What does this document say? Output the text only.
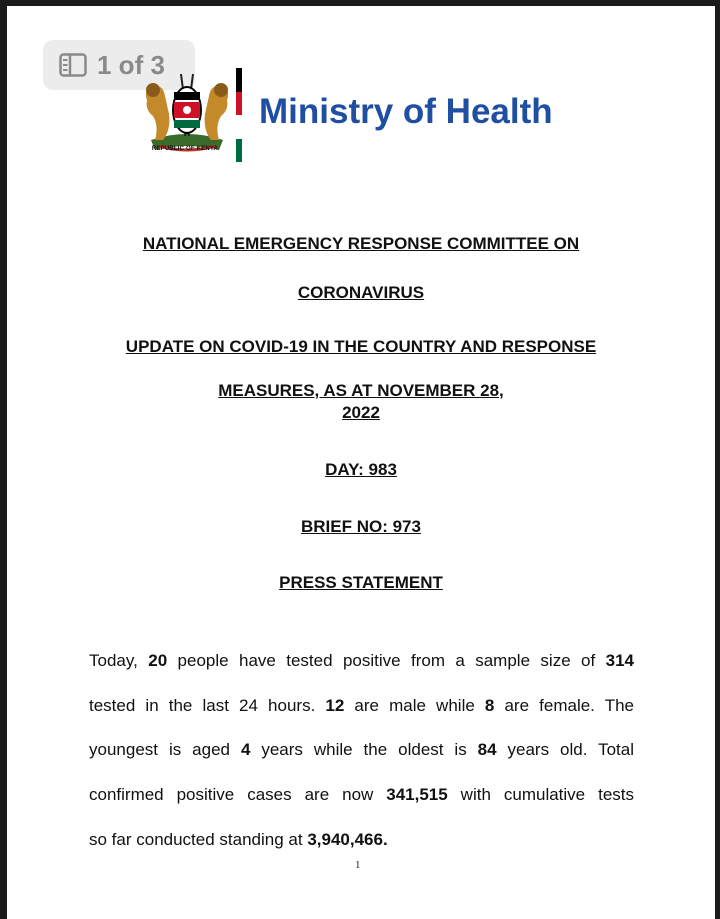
1 of 3
REPUBLIC OF KENYA
Ministry of Health
NATIONAL EMERGENCY RESPONSE COMMITTEE ON
CORONAVIRUS
UPDATE ON COVID-19 IN THE COUNTRY AND RESPONSE
MEASURES, AS AT NOVEMBER 28,
2022
DAY: 983
BRIEF NO: 973
PRESS STATEMENT
Today, 20 people have tested positive from a sample size of 314
tested in the last 24 hours. 12 are male while 8 are female. The
youngest is aged 4 years while the oldest is 84 years old. Total
confirmed positive cases are now 341,515 with cumulative tests
so far conducted standing at 3,940,466.
1
